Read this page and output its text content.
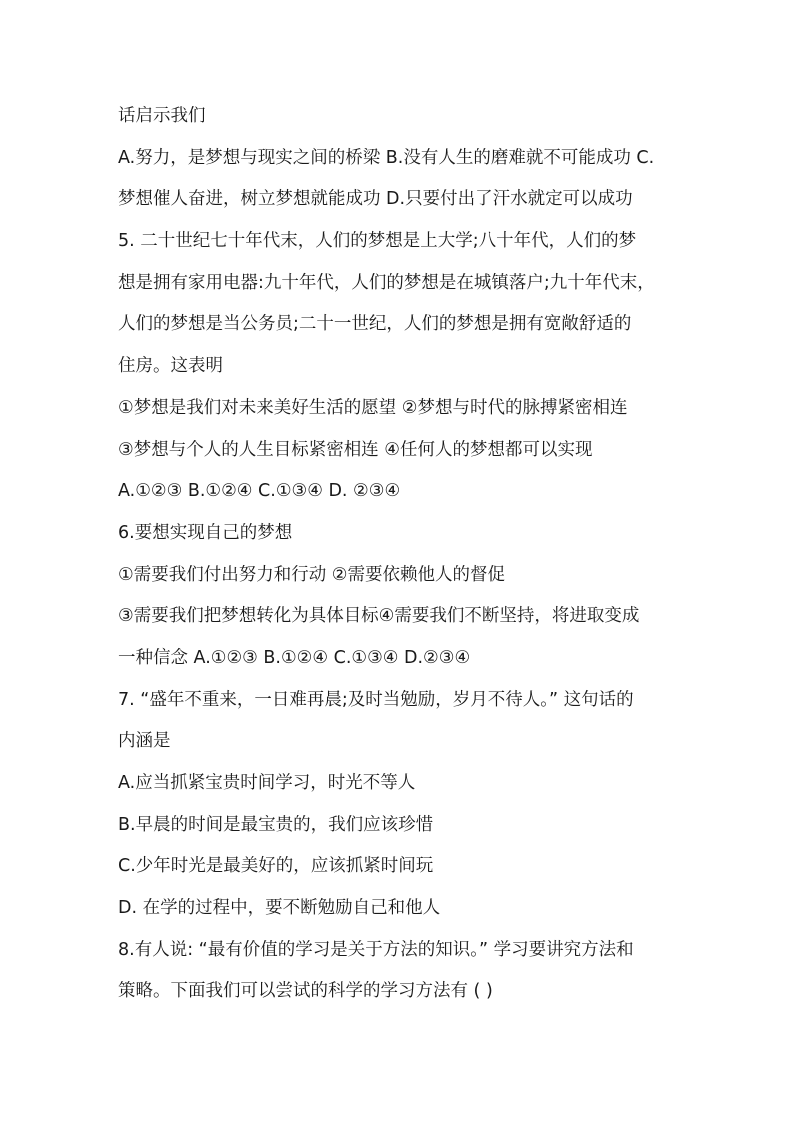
话启示我们
A.努力，是梦想与现实之间的桥梁 B.没有人生的磨难就不可能成功 C.
梦想催人奋进，树立梦想就能成功 D.只要付出了汗水就定可以成功
5. 二十世纪七十年代末，人们的梦想是上大学;八十年代，人们的梦
想是拥有家用电器:九十年代，人们的梦想是在城镇落户;九十年代末，
人们的梦想是当公务员;二十一世纪，人们的梦想是拥有宽敞舒适的
住房。这表明
①梦想是我们对未来美好生活的愿望 ②梦想与时代的脉搏紧密相连
③梦想与个人的人生目标紧密相连 ④任何人的梦想都可以实现
A.①②③ B.①②④ C.①③④ D. ②③④
6.要想实现自己的梦想
①需要我们付出努力和行动 ②需要依赖他人的督促
③需要我们把梦想转化为具体目标④需要我们不断坚持，将进取变成
一种信念 A.①②③ B.①②④ C.①③④ D.②③④
7. “盛年不重来，一日难再晨;及时当勉励，岁月不待人。” 这句话的
内涵是
A.应当抓紧宝贵时间学习，时光不等人
B.早晨的时间是最宝贵的，我们应该珍惜
C.少年时光是最美好的，应该抓紧时间玩
D. 在学的过程中，要不断勉励自己和他人
8.有人说: “最有价值的学习是关于方法的知识。” 学习要讲究方法和
策略。下面我们可以尝试的科学的学习方法有 ( )
